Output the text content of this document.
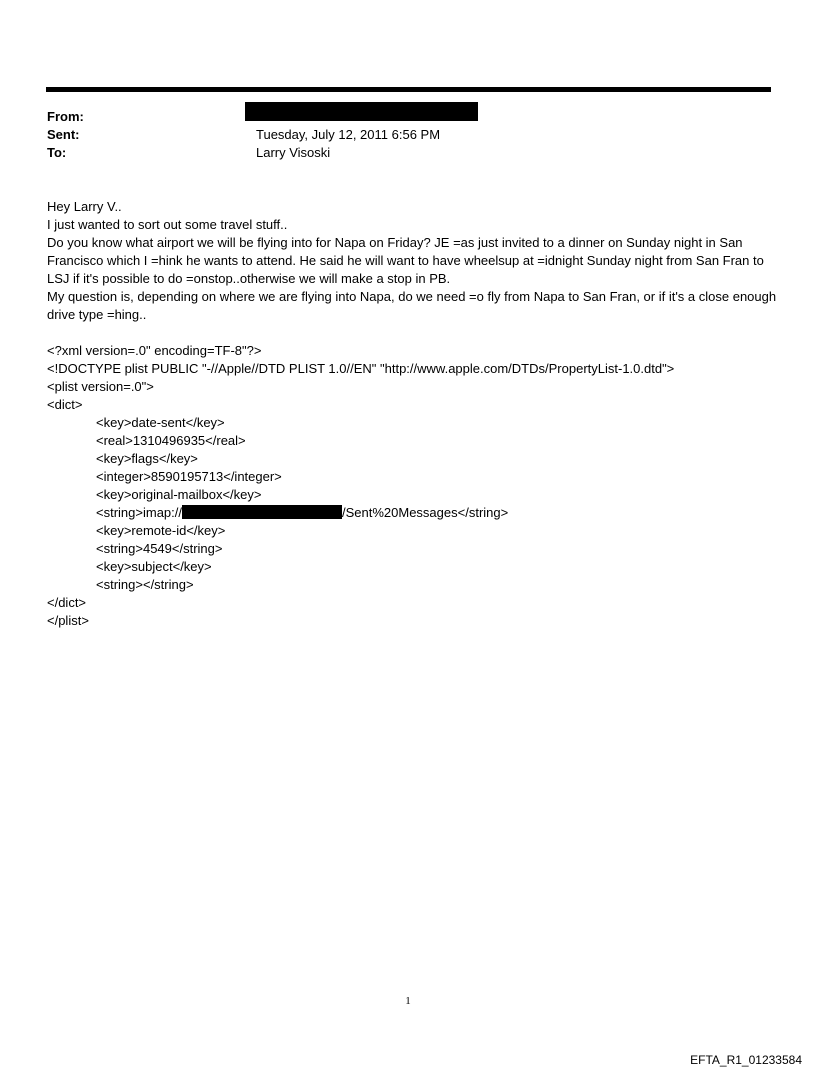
From:
Sent:	Tuesday, July 12, 2011 6:56 PM
To:	Larry Visoski

Hey Larry V..

I just wanted to sort out some travel stuff..

Do you know what airport we will be flying into for Napa on Friday? JE =as just invited to a dinner on Sunday night in San Francisco which I =hink he wants to attend. He said he will want to have wheelsup at =idnight Sunday night from San Fran to LSJ if it's possible to do =onstop..otherwise we will make a stop in PB.

My question is, depending on where we are flying into Napa, do we need =o fly from Napa to San Fran, or if it's a close enough drive type =hing..

<?xml version=.0" encoding=TF-8"?>
<!DOCTYPE plist PUBLIC "-//Apple//DTD PLIST 1.0//EN" "http://www.apple.com/DTDs/PropertyList-1.0.dtd">
<plist version=.0">
<dict>
<key>date-sent</key>
<real>1310496935</real>
<key>flags</key>
<integer>8590195713</integer>
<key>original-mailbox</key>
<string>imap://	/Sent%20Messages</string>
<key>remote-id</key>
<string>4549</string>
<key>subject</key>
<string></string>
</dict>
</plist>
1
EFTA_R1_01233584
